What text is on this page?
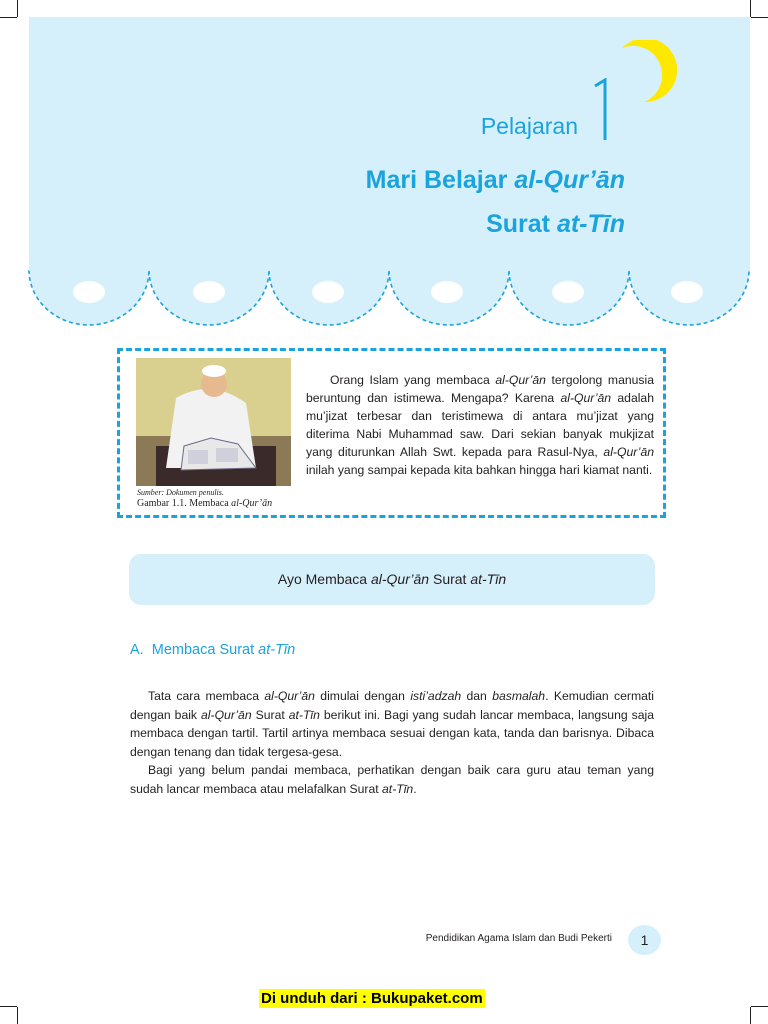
Pelajaran
Mari Belajar al-Qur’ān
Surat at-Tīn
Sumber: Dokumen penulis.
Gambar 1.1. Membaca al-Qur’ān

Orang Islam yang membaca al-Qur’ān tergolong manusia beruntung dan istimewa. Mengapa? Karena al-Qur’ān adalah mu’jizat terbesar dan teristimewa di antara mu’jizat yang diterima Nabi Muhammad saw. Dari sekian banyak mukjizat yang diturunkan Allah Swt. kepada para Rasul-Nya, al-Qur’ān inilah yang sampai kepada kita bahkan hingga hari kiamat nanti.

Ayo Membaca al-Qur’ān Surat at-Tīn
A. Membaca Surat at-Tīn

Tata cara membaca al-Qur’ān dimulai dengan isti’adzah dan basmalah. Kemudian cermati dengan baik al-Qur’ān Surat at-Tīn berikut ini. Bagi yang sudah lancar membaca, langsung saja membaca dengan tartil. Tartil artinya membaca sesuai dengan kata, tanda dan barisnya. Dibaca dengan tenang dan tidak tergesa-gesa.

Bagi yang belum pandai membaca, perhatikan dengan baik cara guru atau teman yang sudah lancar membaca atau melafalkan Surat at-Tīn.

Pendidikan Agama Islam dan Budi Pekerti	1
Di unduh dari : Bukupaket.com
